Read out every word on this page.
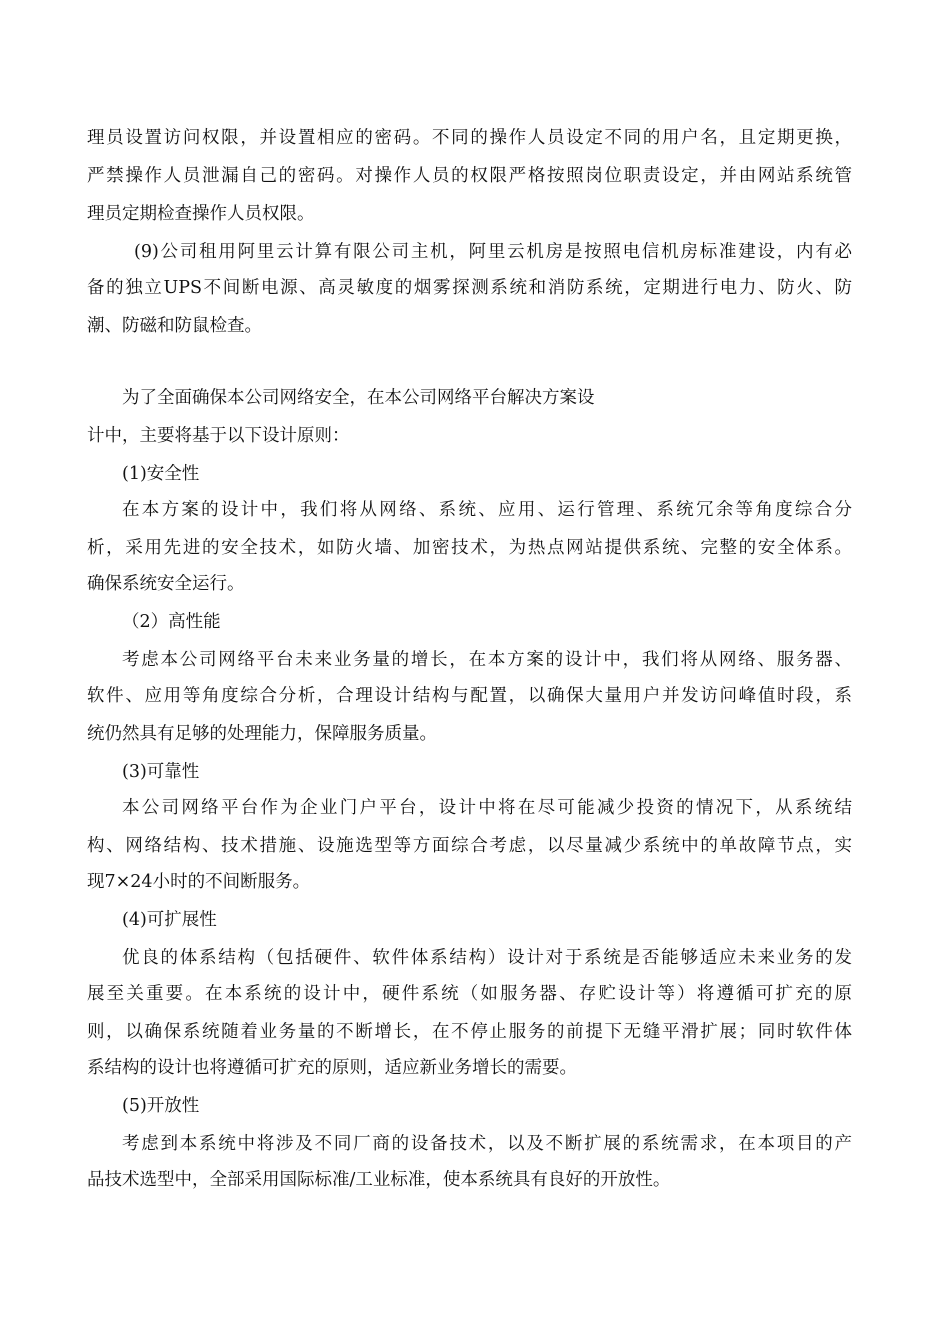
理员设置访问权限，并设置相应的密码。不同的操作人员设定不同的用户名，且定期更换，
严禁操作人员泄漏自己的密码。对操作人员的权限严格按照岗位职责设定，并由网站系统管
理员定期检查操作人员权限。
(9)公司租用阿里云计算有限公司主机，阿里云机房是按照电信机房标准建设，内有必
备的独立UPS不间断电源、高灵敏度的烟雾探测系统和消防系统，定期进行电力、防火、防
潮、防磁和防鼠检查。
为了全面确保本公司网络安全，在本公司网络平台解决方案设
计中，主要将基于以下设计原则：
(1)安全性
在本方案的设计中，我们将从网络、系统、应用、运行管理、系统冗余等角度综合分
析，采用先进的安全技术，如防火墙、加密技术，为热点网站提供系统、完整的安全体系。
确保系统安全运行。
（2）高性能
考虑本公司网络平台未来业务量的增长，在本方案的设计中，我们将从网络、服务器、
软件、应用等角度综合分析，合理设计结构与配置，以确保大量用户并发访问峰值时段，系
统仍然具有足够的处理能力，保障服务质量。
(3)可靠性
本公司网络平台作为企业门户平台，设计中将在尽可能减少投资的情况下，从系统结
构、网络结构、技术措施、设施选型等方面综合考虑，以尽量减少系统中的单故障节点，实
现7×24小时的不间断服务。
(4)可扩展性
优良的体系结构（包括硬件、软件体系结构）设计对于系统是否能够适应未来业务的发
展至关重要。在本系统的设计中，硬件系统（如服务器、存贮设计等）将遵循可扩充的原
则，以确保系统随着业务量的不断增长，在不停止服务的前提下无缝平滑扩展；同时软件体
系结构的设计也将遵循可扩充的原则，适应新业务增长的需要。
(5)开放性
考虑到本系统中将涉及不同厂商的设备技术，以及不断扩展的系统需求，在本项目的产
品技术选型中，全部采用国际标准/工业标准，使本系统具有良好的开放性。
